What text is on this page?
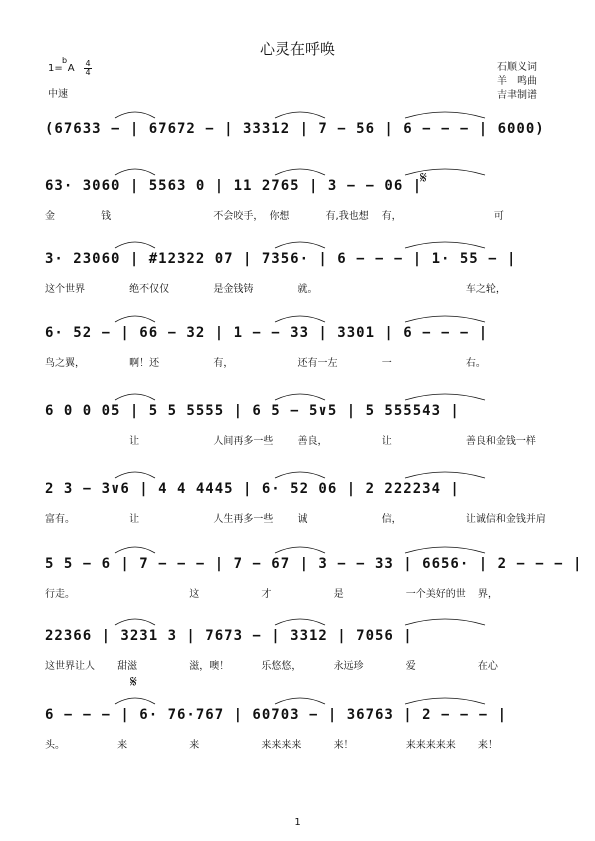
心灵在呼唤
1=
b
A 4
4
中速
石顺义词
羊　鸣曲
吉聿制谱
(67633 − | 67672 − | 33312 | 7 − 56 | 6 − − − | 6000)
63· 3060 | 5563 0 | 11 2765 | 3 − − 06 |
金	钱	不会咬手， 你想	有,我也想	有，	可
3· 23060 | #12322 07 | 7356· | 6 − − − | 1· 55 − |
这个世界	绝不仅仅	是金钱铸	就。	车之轮，
6· 52 − | 66 − 32 | 1 − − 33 | 3301 | 6 − − − |
鸟之翼，	啊！还	有，	还有一左	一	右。
6 0 0 05 | 5 5 5555 | 6 5 − 5∨5 | 5 555543 |
让	人间再多一些	善良，	让	善良和金钱一样
2 3 − 3∨6 | 4 4 4445 | 6· 52 06 | 2 222234 |
富有。	让	人生再多一些	诚	信，	让诚信和金钱并肩
5 5 − 6 | 7 − − − | 7 − 67 | 3 − − 33 | 6656· | 2 − − − |
行走。	这	才	是	一个美好的世	界，
22366 | 3231 3 | 7673 − | 3312 | 7056 |
这世界让人	甜滋	滋，噢！	乐悠悠，	永远珍	爱	在心
6 − − − | 6· 76·767 | 60703 − | 36763 | 2 − − − |
头。	来	来	来来来来	来！	来来来来来	来！
𝄋
𝄋
1
